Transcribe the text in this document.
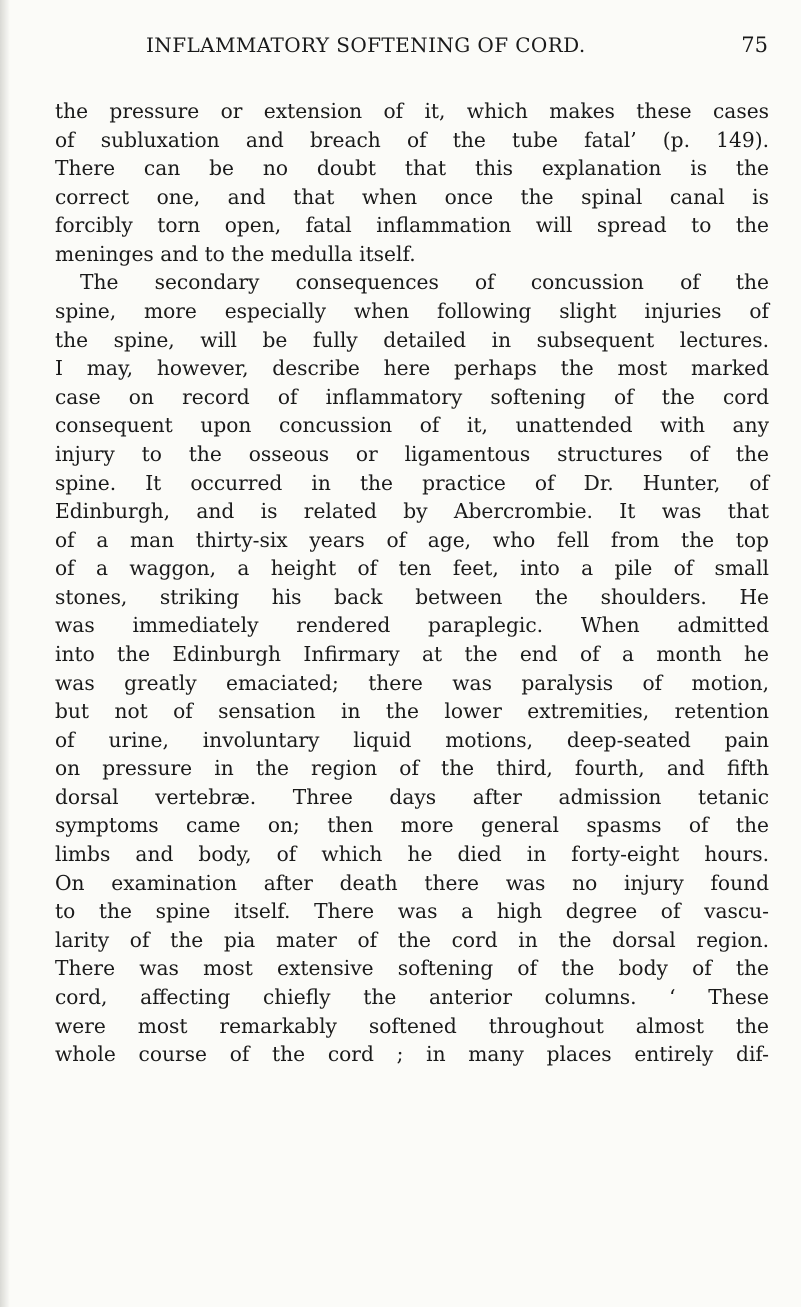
INFLAMMATORY SOFTENING OF CORD.	75
the pressure or extension of it, which makes these cases
of subluxation and breach of the tube fatal’ (p. 149).
There can be no doubt that this explanation is the
correct one, and that when once the spinal canal is
forcibly torn open, fatal inflammation will spread to the
meninges and to the medulla itself.
The secondary consequences of concussion of the
spine, more especially when following slight injuries of
the spine, will be fully detailed in subsequent lectures.
I may, however, describe here perhaps the most marked
case on record of inflammatory softening of the cord
consequent upon concussion of it, unattended with any
injury to the osseous or ligamentous structures of the
spine. It occurred in the practice of Dr. Hunter, of
Edinburgh, and is related by Abercrombie. It was that
of a man thirty-six years of age, who fell from the top
of a waggon, a height of ten feet, into a pile of small
stones, striking his back between the shoulders. He
was immediately rendered paraplegic. When admitted
into the Edinburgh Infirmary at the end of a month he
was greatly emaciated; there was paralysis of motion,
but not of sensation in the lower extremities, retention
of urine, involuntary liquid motions, deep-seated pain
on pressure in the region of the third, fourth, and fifth
dorsal vertebræ. Three days after admission tetanic
symptoms came on; then more general spasms of the
limbs and body, of which he died in forty-eight hours.
On examination after death there was no injury found
to the spine itself. There was a high degree of vascu-
larity of the pia mater of the cord in the dorsal region.
There was most extensive softening of the body of the
cord, affecting chiefly the anterior columns. ‘ These
were most remarkably softened throughout almost the
whole course of the cord ; in many places entirely dif-
